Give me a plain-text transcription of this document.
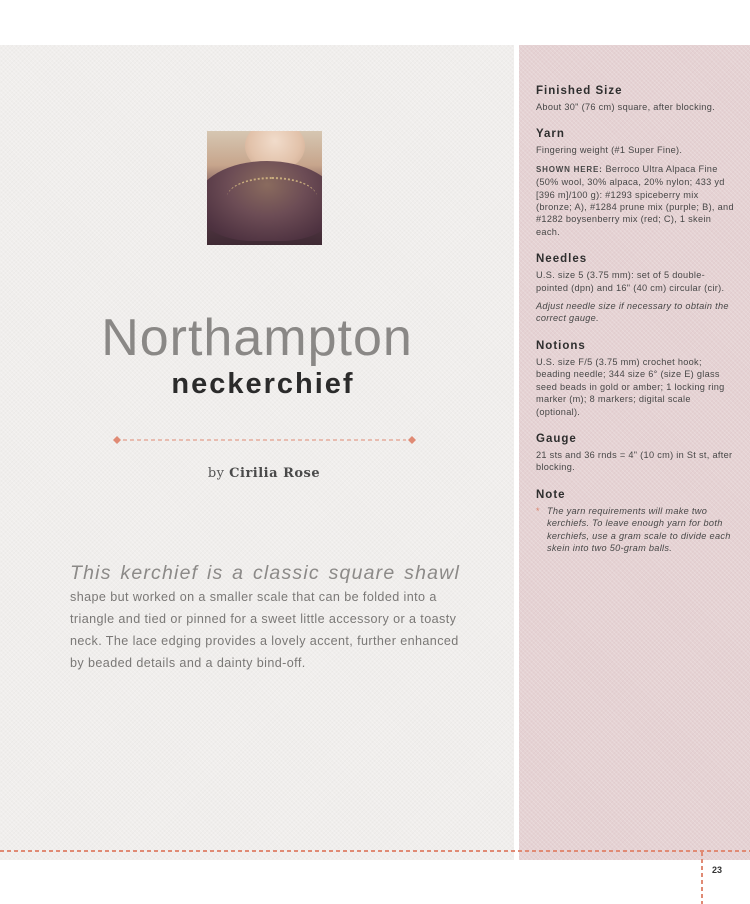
Northampton
neckerchief

by Cirilia Rose

This kerchief is a classic square shawl
shape but worked on a smaller scale that can be folded into a triangle and tied or pinned for a sweet little accessory or a toasty neck. The lace edging provides a lovely accent, further enhanced by beaded details and a dainty bind-off.
Finished Size

About 30" (76 cm) square, after blocking.

Yarn

Fingering weight (#1 Super Fine).

SHOWN HERE: Berroco Ultra Alpaca Fine (50% wool, 30% alpaca, 20% nylon; 433 yd [396 m]/100 g): #1293 spiceberry mix (bronze; A), #1284 prune mix (purple; B), and #1282 boysenberry mix (red; C), 1 skein each.

Needles

U.S. size 5 (3.75 mm): set of 5 double-pointed (dpn) and 16" (40 cm) circular (cir).

Adjust needle size if necessary to obtain the correct gauge.

Notions

U.S. size F/5 (3.75 mm) crochet hook; beading needle; 344 size 6° (size E) glass seed beads in gold or amber; 1 locking ring marker (m); 8 markers; digital scale (optional).

Gauge

21 sts and 36 rnds = 4" (10 cm) in St st, after blocking.

Note
* The yarn requirements will make two kerchiefs. To leave enough yarn for both kerchiefs, use a gram scale to divide each skein into two 50-gram balls.
23
